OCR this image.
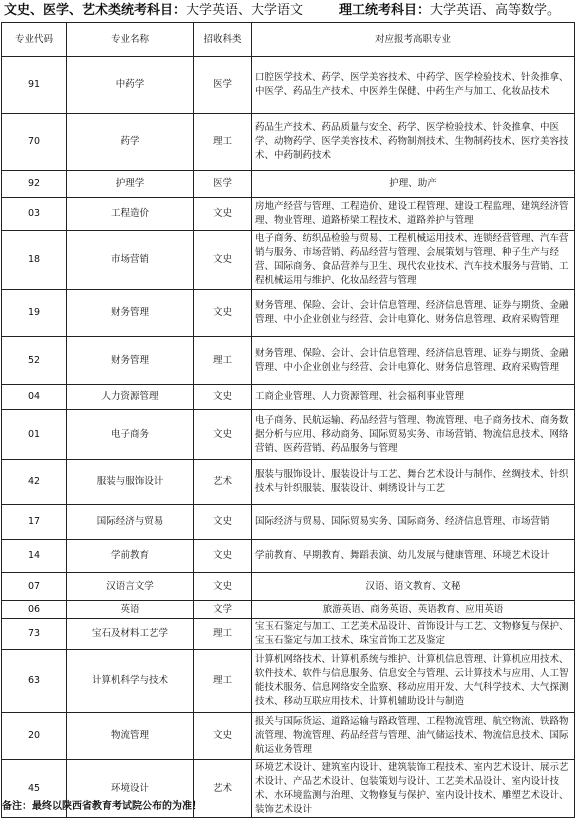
文史、医学、艺术类统考科目：大学英语、大学语文	理工统考科目：大学英语、高等数学。
专业代码	专业名称	招收科类	对应报考高职专业
91	中药学	医学	口腔医学技术、药学、医学美容技术、中药学、医学检验技术、针灸推拿、中医学、药品生产技术、中医养生保健、中药生产与加工、化妆品技术
70	药学	理工	药品生产技术、药品质量与安全、药学、医学检验技术、针灸推拿、中医学、动物药学、医学美容技术、药物制剂技术、生物制药技术、医疗美容技术、中药制药技术
92	护理学	医学	护理、助产
03	工程造价	文史	房地产经营与管理、工程造价、建设工程管理、建设工程监理、建筑经济管理、物业管理、道路桥梁工程技术、道路养护与管理
18	市场营销	文史	电子商务、纺织品检验与贸易、工程机械运用技术、连锁经营管理、汽车营销与服务、市场营销、药品经营与管理、会展策划与管理、种子生产与经营、国际商务、食品营养与卫生、现代农业技术、汽车技术服务与营销、工程机械运用与维护、化妆品经营与管理
19	财务管理	文史	财务管理、保险、会计、会计信息管理、经济信息管理、证券与期货、金融管理、中小企业创业与经营、会计电算化、财务信息管理、政府采购管理
52	财务管理	理工	财务管理、保险、会计、会计信息管理、经济信息管理、证券与期货、金融管理、中小企业创业与经营、会计电算化、财务信息管理、政府采购管理
04	人力资源管理	文史	工商企业管理、人力资源管理、社会福利事业管理
01	电子商务	文史	电子商务、民航运输、药品经营与管理、物流管理、电子商务技术、商务数据分析与应用、移动商务、国际贸易实务、市场营销、物流信息技术、网络营销、医药营销、药品服务与管理
42	服装与服饰设计	艺术	服装与服饰设计、服装设计与工艺、舞台艺术设计与制作、丝绸技术、针织技术与针织服装、服装设计、刺绣设计与工艺
17	国际经济与贸易	文史	国际经济与贸易、国际贸易实务、国际商务、经济信息管理、市场营销
14	学前教育	文史	学前教育、早期教育、舞蹈表演、幼儿发展与健康管理、环境艺术设计
07	汉语言文学	文史	汉语、语文教育、文秘
06	英语	文学	旅游英语、商务英语、英语教育、应用英语
73	宝石及材料工艺学	理工	宝玉石鉴定与加工、工艺美术品设计、首饰设计与工艺、文物修复与保护、宝玉石鉴定与加工技术、珠宝首饰工艺及鉴定
63	计算机科学与技术	理工	计算机网络技术、计算机系统与维护、计算机信息管理、计算机应用技术、软件技术、软件与信息服务、信息安全与管理、云计算技术与应用、人工智能技术服务、信息网络安全监察、移动应用开发、大气科学技术、大气探测技术、移动互联应用技术、计算机辅助设计与制造
20	物流管理	文史	报关与国际货运、道路运输与路政管理、工程物流管理、航空物流、铁路物流管理、物流管理、药品经营与管理、油气储运技术、物流信息技术、国际航运业务管理
45	环境设计	艺术	环境艺术设计、建筑室内设计、建筑装饰工程技术、室内艺术设计、展示艺术设计、产品艺术设计、包装策划与设计、工艺美术品设计、室内设计技术、水环境监测与治理、文物修复与保护、室内设计技术、雕塑艺术设计、装饰艺术设计
备注：最终以陕西省教育考试院公布的为准！
